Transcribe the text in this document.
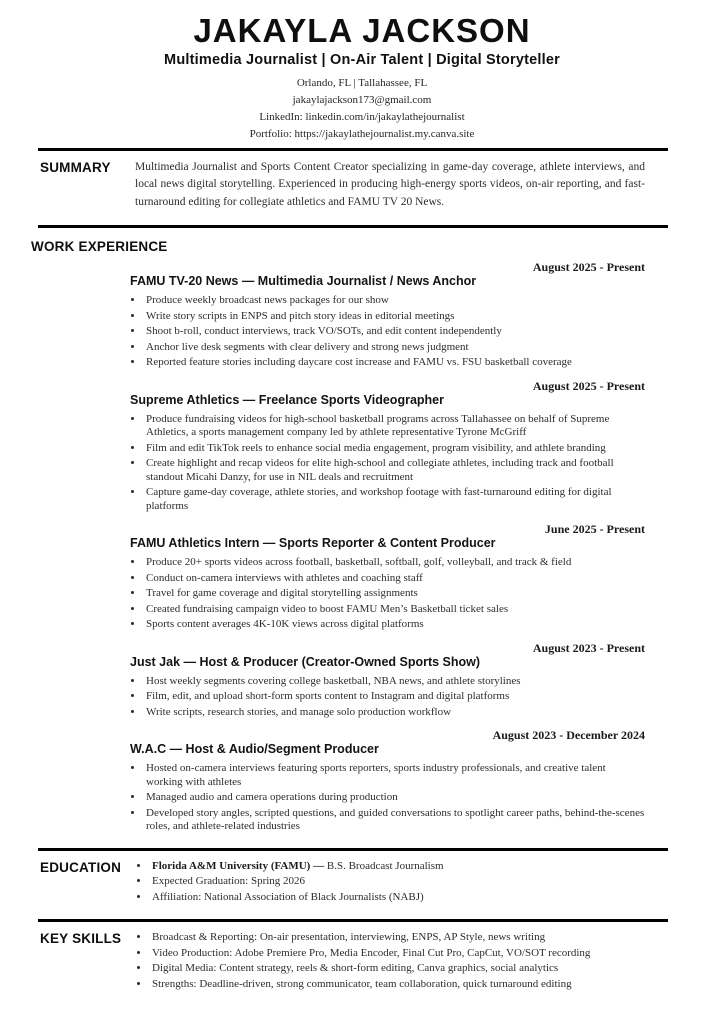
JAKAYLA JACKSON
Multimedia Journalist | On-Air Talent | Digital Storyteller
Orlando, FL | Tallahassee, FL
jakaylajackson173@gmail.com
LinkedIn: linkedin.com/in/jakaylathejournalist
Portfolio: https://jakaylathejournalist.my.canva.site
SUMMARY	Multimedia Journalist and Sports Content Creator specializing in game-day coverage, athlete interviews, and local news digital storytelling. Experienced in producing high-energy sports videos, on-air reporting, and fast-turnaround editing for collegiate athletics and FAMU TV 20 News.
WORK EXPERIENCE
August 2025 - Present
FAMU TV-20 News — Multimedia Journalist / News Anchor
• Produce weekly broadcast news packages for our show
• Write story scripts in ENPS and pitch story ideas in editorial meetings
• Shoot b-roll, conduct interviews, track VO/SOTs, and edit content independently
• Anchor live desk segments with clear delivery and strong news judgment
• Reported feature stories including daycare cost increase and FAMU vs. FSU basketball coverage
August 2025 - Present
Supreme Athletics — Freelance Sports Videographer
• Produce fundraising videos for high-school basketball programs across Tallahassee on behalf of Supreme Athletics, a sports management company led by athlete representative Tyrone McGriff
• Film and edit TikTok reels to enhance social media engagement, program visibility, and athlete branding
• Create highlight and recap videos for elite high-school and collegiate athletes, including track and football standout Micahi Danzy, for use in NIL deals and recruitment
• Capture game-day coverage, athlete stories, and workshop footage with fast-turnaround editing for digital platforms
June 2025 - Present
FAMU Athletics Intern — Sports Reporter & Content Producer
• Produce 20+ sports videos across football, basketball, softball, golf, volleyball, and track & field
• Conduct on-camera interviews with athletes and coaching staff
• Travel for game coverage and digital storytelling assignments
• Created fundraising campaign video to boost FAMU Men’s Basketball ticket sales
• Sports content averages 4K-10K views across digital platforms
August 2023 - Present
Just Jak — Host & Producer (Creator-Owned Sports Show)
• Host weekly segments covering college basketball, NBA news, and athlete storylines
• Film, edit, and upload short-form sports content to Instagram and digital platforms
• Write scripts, research stories, and manage solo production workflow
August 2023 - December 2024
W.A.C — Host & Audio/Segment Producer
• Hosted on-camera interviews featuring sports reporters, sports industry professionals, and creative talent working with athletes
• Managed audio and camera operations during production
• Developed story angles, scripted questions, and guided conversations to spotlight career paths, behind-the-scenes roles, and athlete-related industries
EDUCATION	• Florida A&M University (FAMU) — B.S. Broadcast Journalism
• Expected Graduation: Spring 2026
• Affiliation: National Association of Black Journalists (NABJ)
KEY SKILLS	• Broadcast & Reporting: On-air presentation, interviewing, ENPS, AP Style, news writing
• Video Production: Adobe Premiere Pro, Media Encoder, Final Cut Pro, CapCut, VO/SOT recording
• Digital Media: Content strategy, reels & short-form editing, Canva graphics, social analytics
• Strengths: Deadline-driven, strong communicator, team collaboration, quick turnaround editing
